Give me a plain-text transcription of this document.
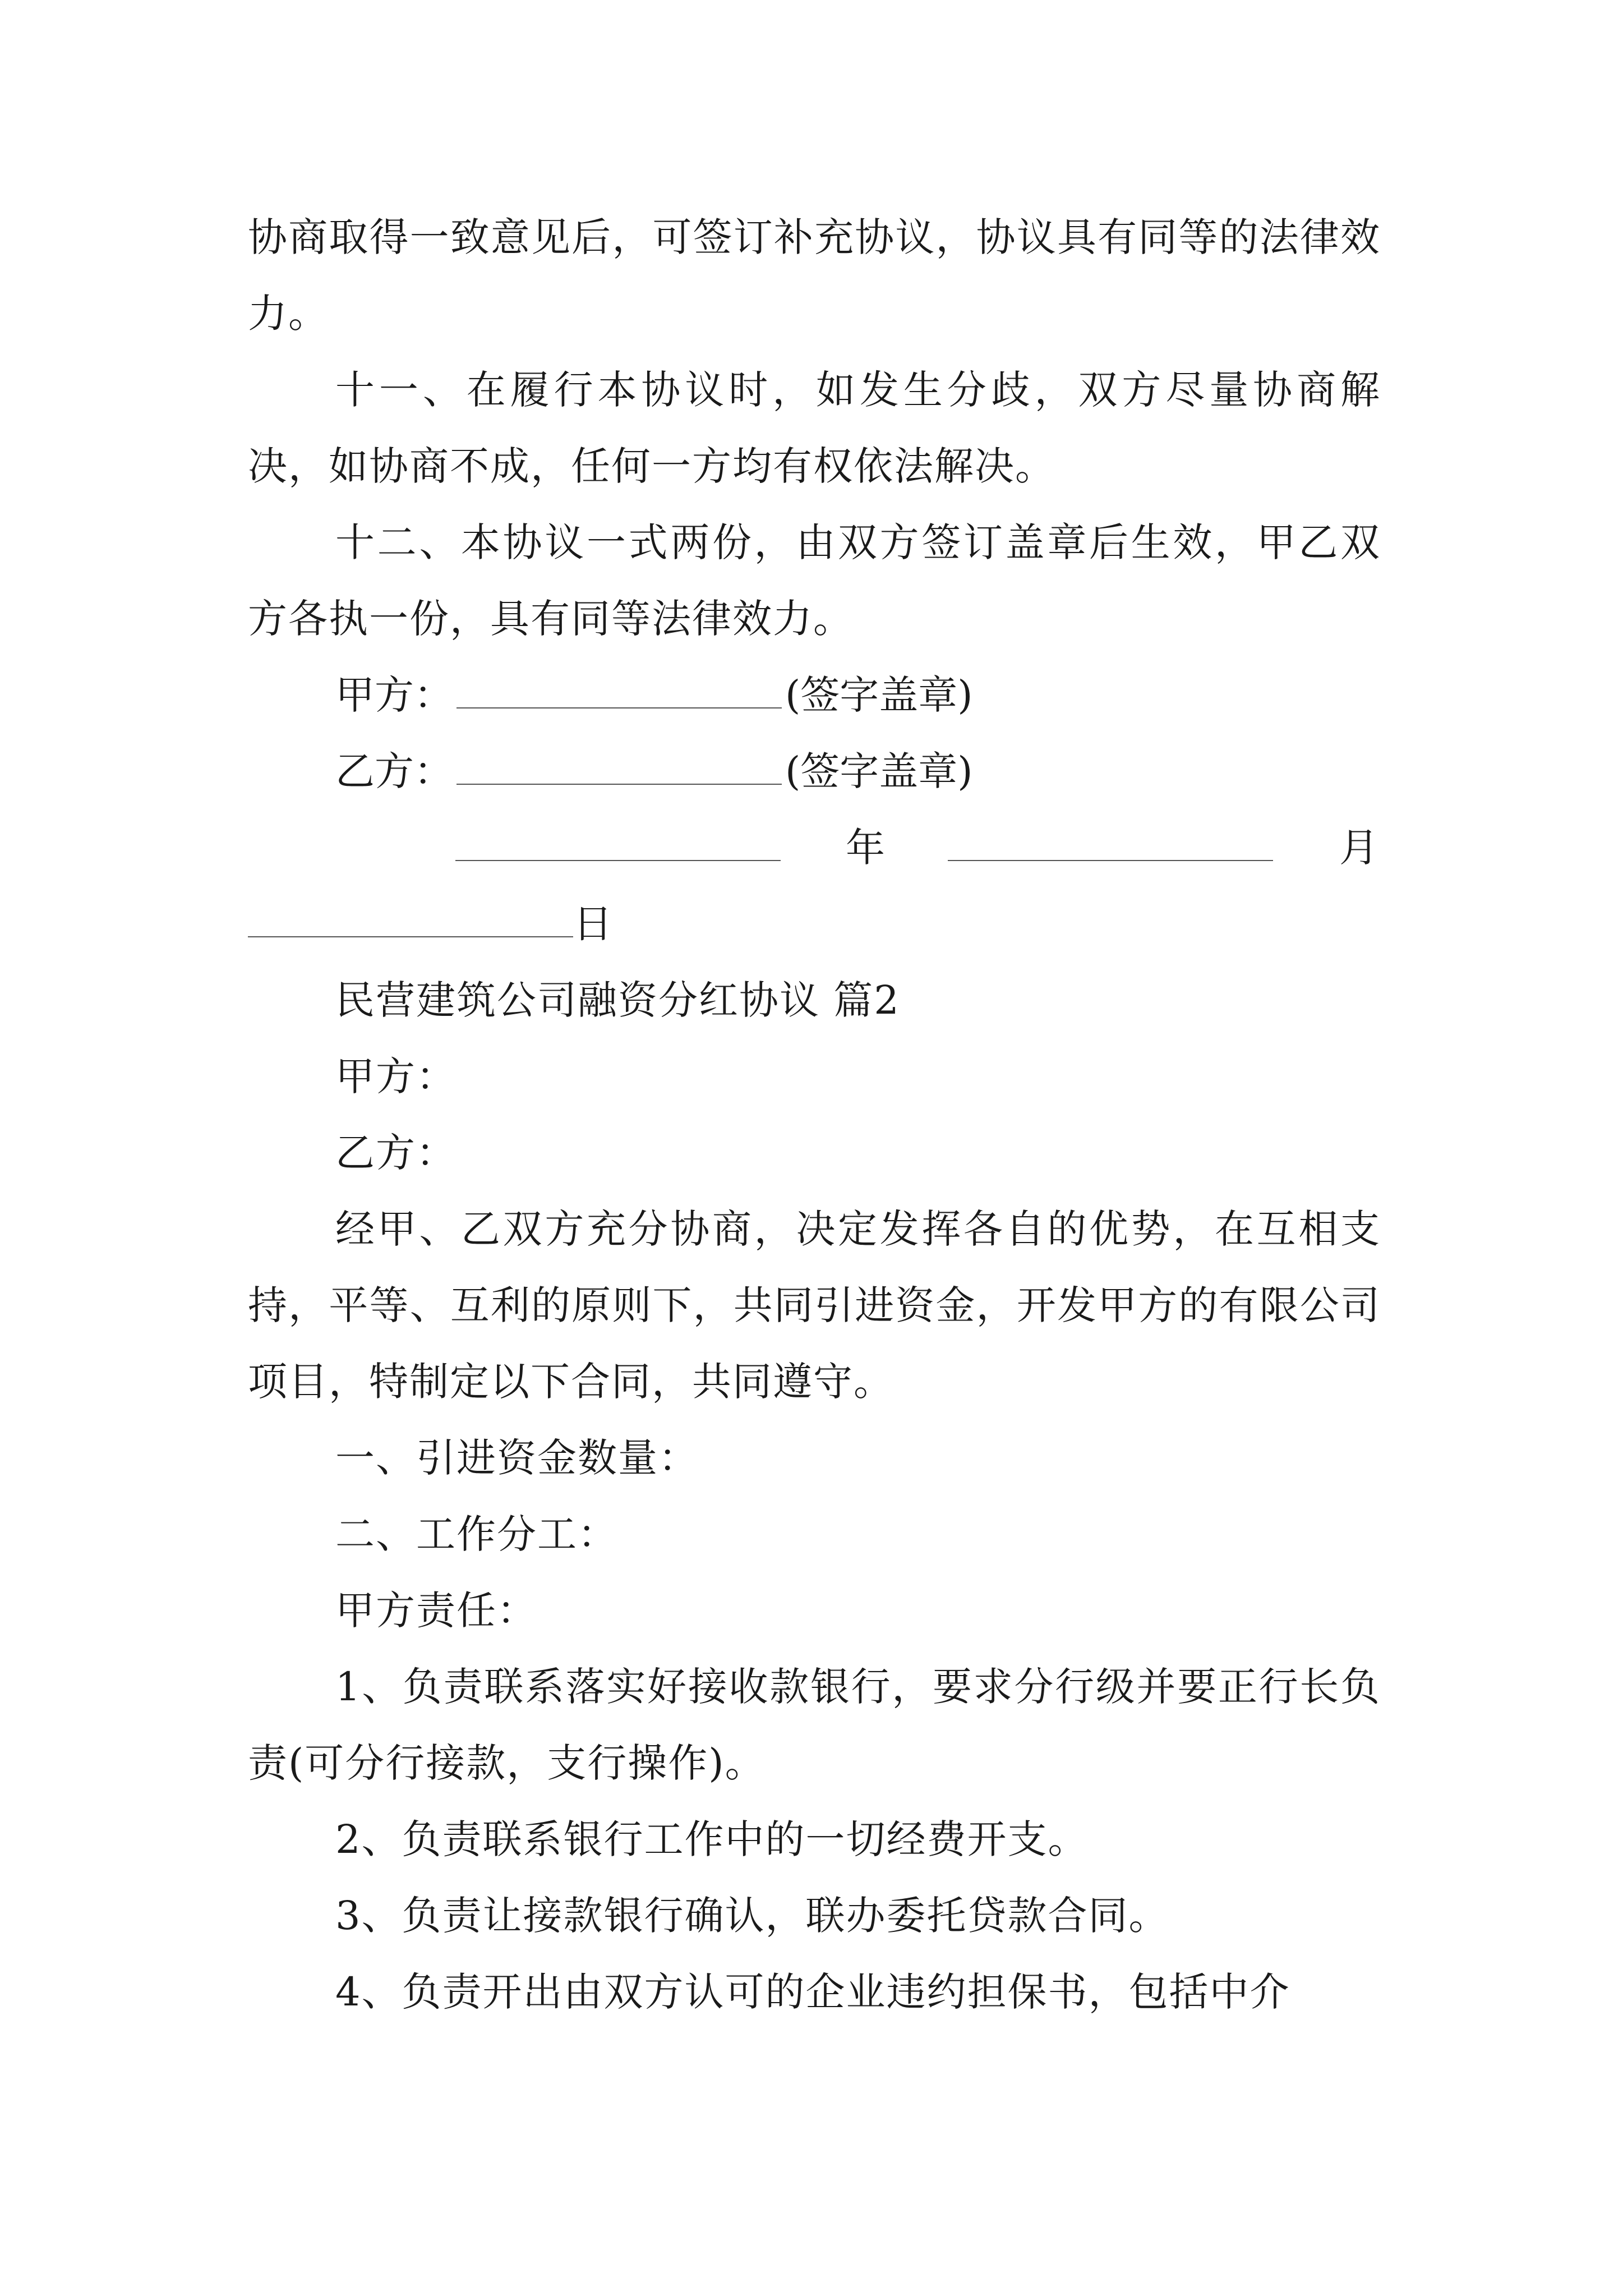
协商取得一致意见后，可签订补充协议，协议具有同等的法律效力。

十一、在履行本协议时，如发生分歧，双方尽量协商解决，如协商不成，任何一方均有权依法解决。

十二、本协议一式两份，由双方签订盖章后生效，甲乙双方各执一份，具有同等法律效力。

甲方：	(签字盖章)
乙方：	(签字盖章)
年	月
日

民营建筑公司融资分红协议 篇2

甲方：

乙方：

经甲、乙双方充分协商，决定发挥各自的优势，在互相支持，平等、互利的原则下，共同引进资金，开发甲方的有限公司项目，特制定以下合同，共同遵守。

一、引进资金数量：

二、工作分工：

甲方责任：

1、负责联系落实好接收款银行，要求分行级并要正行长负责(可分行接款，支行操作)。

2、负责联系银行工作中的一切经费开支。

3、负责让接款银行确认，联办委托贷款合同。

4、负责开出由双方认可的企业违约担保书，包括中介
